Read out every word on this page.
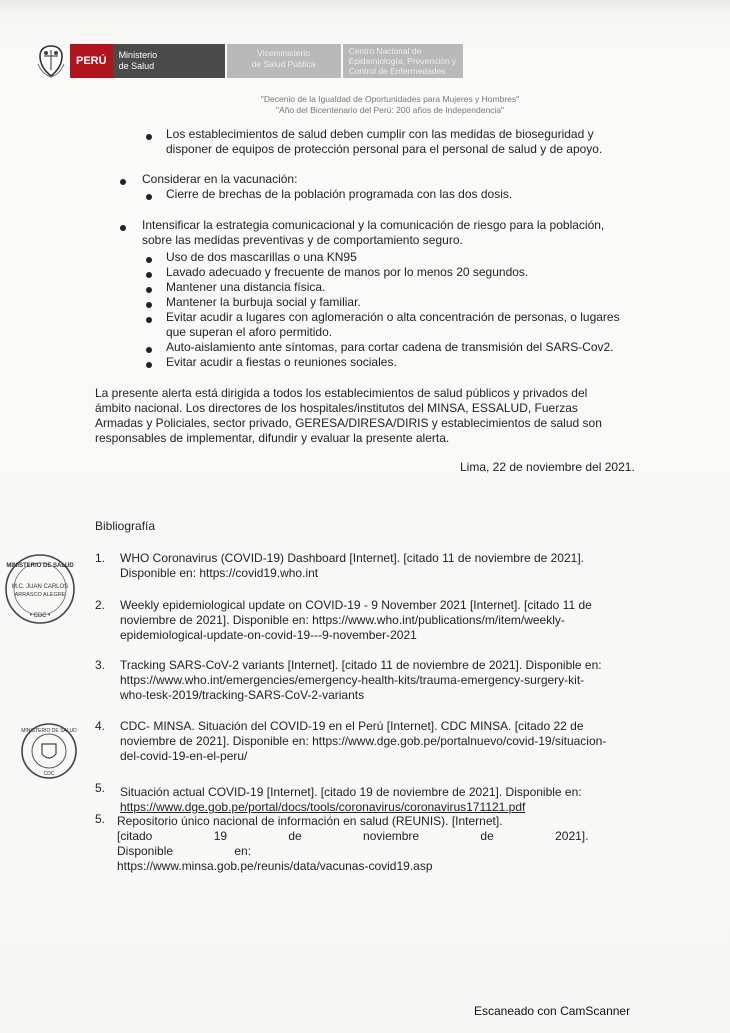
PERÚ	Ministerio
de Salud
Viceministerio
de Salud Pública
Centro Nacional de
Epidemiología, Prevención y
Control de Enfermedades
"Decenio de la Igualdad de Oportunidades para Mujeres y Hombres"
"Año del Bicentenario del Perú: 200 años de Independencia"
Los establecimientos de salud deben cumplir con las medidas de bioseguridad y
disponer de equipos de protección personal para el personal de salud y de apoyo.
Considerar en la vacunación:
Cierre de brechas de la población programada con las dos dosis.
Intensificar la estrategia comunicacional y la comunicación de riesgo para la población,
sobre las medidas preventivas y de comportamiento seguro.
Uso de dos mascarillas o una KN95
Lavado adecuado y frecuente de manos por lo menos 20 segundos.
Mantener una distancia física.
Mantener la burbuja social y familiar.
Evitar acudir a lugares con aglomeración o alta concentración de personas, o lugares
que superan el aforo permitido.
Auto-aislamiento ante síntomas, para cortar cadena de transmisión del SARS-Cov2.
Evitar acudir a fiestas o reuniones sociales.
La presente alerta está dirigida a todos los establecimientos de salud públicos y privados del
ámbito nacional. Los directores de los hospitales/institutos del MINSA, ESSALUD, Fuerzas
Armadas y Policiales, sector privado, GERESA/DIRESA/DIRIS y establecimientos de salud son
responsables de implementar, difundir y evaluar la presente alerta.
Lima, 22 de noviembre del 2021.
Bibliografía
1. WHO Coronavirus (COVID-19) Dashboard [Internet]. [citado 11 de noviembre de 2021].
Disponible en: https://covid19.who.int
2. Weekly epidemiological update on COVID-19 - 9 November 2021 [Internet]. [citado 11 de
noviembre de 2021]. Disponible en: https://www.who.int/publications/m/item/weekly-
epidemiological-update-on-covid-19---9-november-2021
3. Tracking SARS-CoV-2 variants [Internet]. [citado 11 de noviembre de 2021]. Disponible en:
https://www.who.int/emergencies/emergency-health-kits/trauma-emergency-surgery-kit-
who-tesk-2019/tracking-SARS-CoV-2-variants
4. CDC- MINSA. Situación del COVID-19 en el Perú [Internet]. CDC MINSA. [citado 22 de
noviembre de 2021]. Disponible en: https://www.dge.gob.pe/portalnuevo/covid-19/situacion-
del-covid-19-en-el-peru/
5. Situación actual COVID-19 [Internet]. [citado 19 de noviembre de 2021]. Disponible en:
https://www.dge.gob.pe/portal/docs/tools/coronavirus/coronavirus171121.pdf
5. Repositorio único nacional de información en salud (REUNIS). [Internet].
[citado 19 de noviembre de 2021]. Disponible en:
https://www.minsa.gob.pe/reunis/data/vacunas-covid19.asp
MINISTERIO DE SALUD
M.C. JUAN CARLOS
ARRASCO ALEGRE
• CDC •
MINISTERIO DE SALUD
CDC
Escaneado con CamScanner
